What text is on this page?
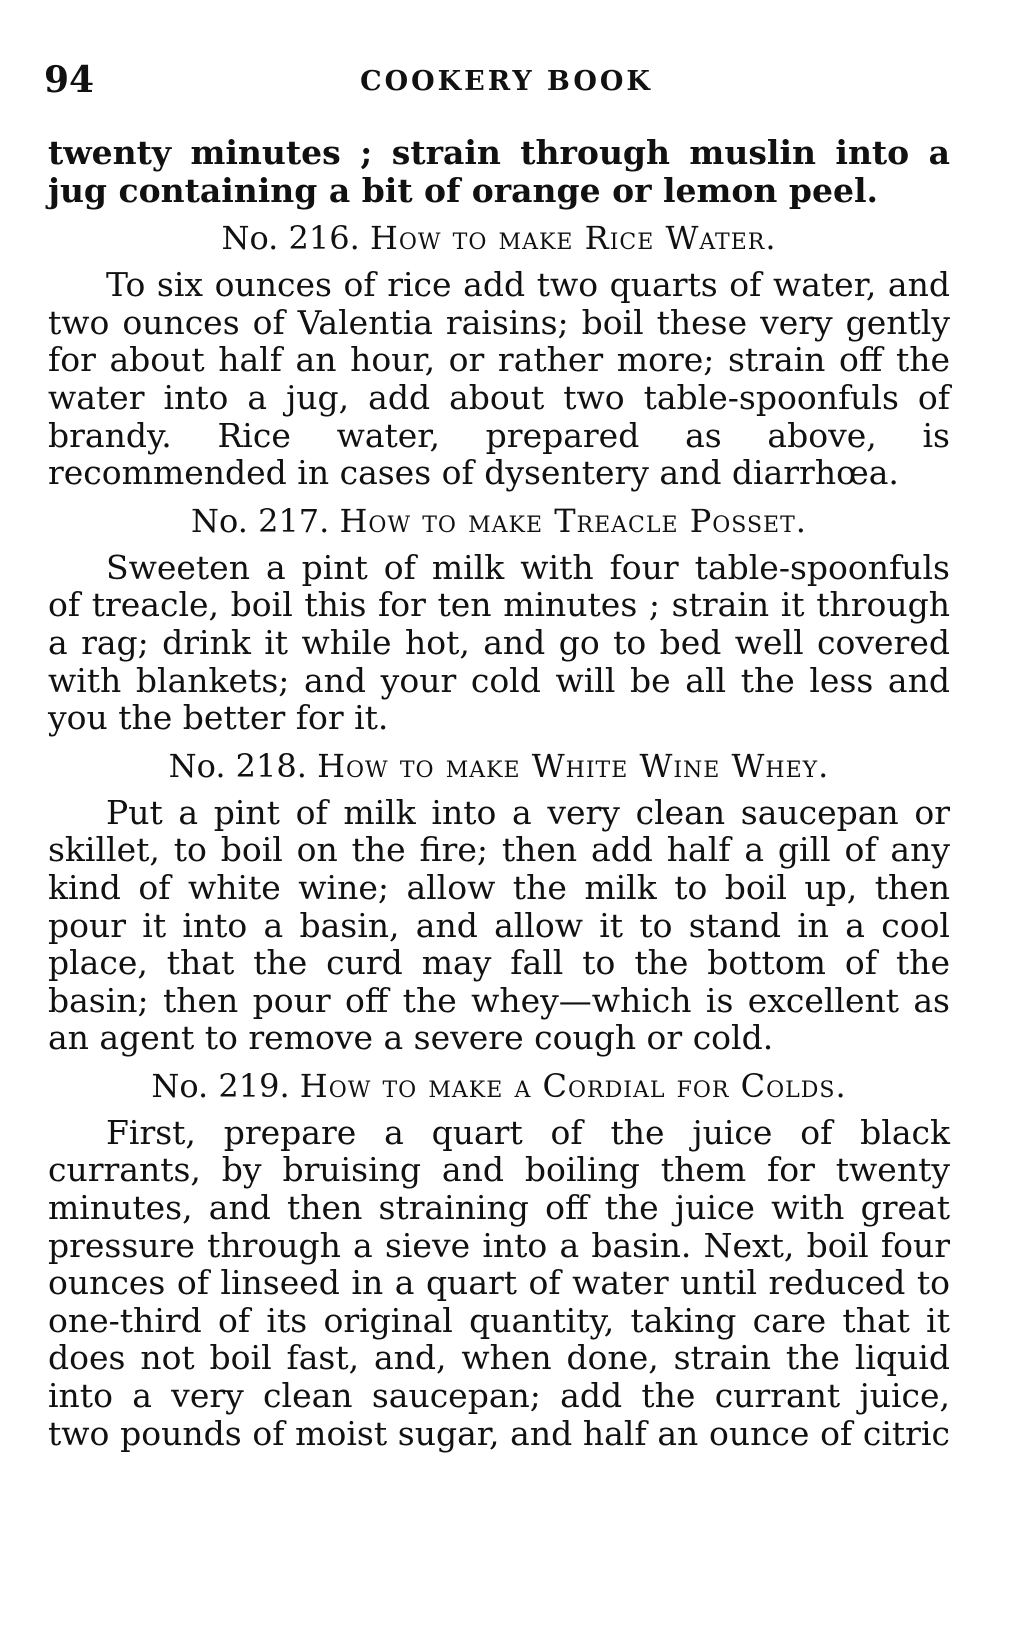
94	COOKERY BOOK

twenty minutes ; strain through muslin into a jug containing a bit of orange or lemon peel.

No. 216. How to make Rice Water.

To six ounces of rice add two quarts of water, and two ounces of Valentia raisins; boil these very gently for about half an hour, or rather more; strain off the water into a jug, add about two table-spoonfuls of brandy. Rice water, prepared as above, is recommended in cases of dysentery and diarrhœa.

No. 217. How to make Treacle Posset.

Sweeten a pint of milk with four table-spoonfuls of treacle, boil this for ten minutes ; strain it through a rag; drink it while hot, and go to bed well covered with blankets; and your cold will be all the less and you the better for it.

No. 218. How to make White Wine Whey.

Put a pint of milk into a very clean saucepan or skillet, to boil on the fire; then add half a gill of any kind of white wine; allow the milk to boil up, then pour it into a basin, and allow it to stand in a cool place, that the curd may fall to the bottom of the basin; then pour off the whey—which is excellent as an agent to remove a severe cough or cold.

No. 219. How to make a Cordial for Colds.

First, prepare a quart of the juice of black currants, by bruising and boiling them for twenty minutes, and then straining off the juice with great pressure through a sieve into a basin. Next, boil four ounces of linseed in a quart of water until reduced to one-third of its original quantity, taking care that it does not boil fast, and, when done, strain the liquid into a very clean saucepan; add the currant juice, two pounds of moist sugar, and half an ounce of citric
